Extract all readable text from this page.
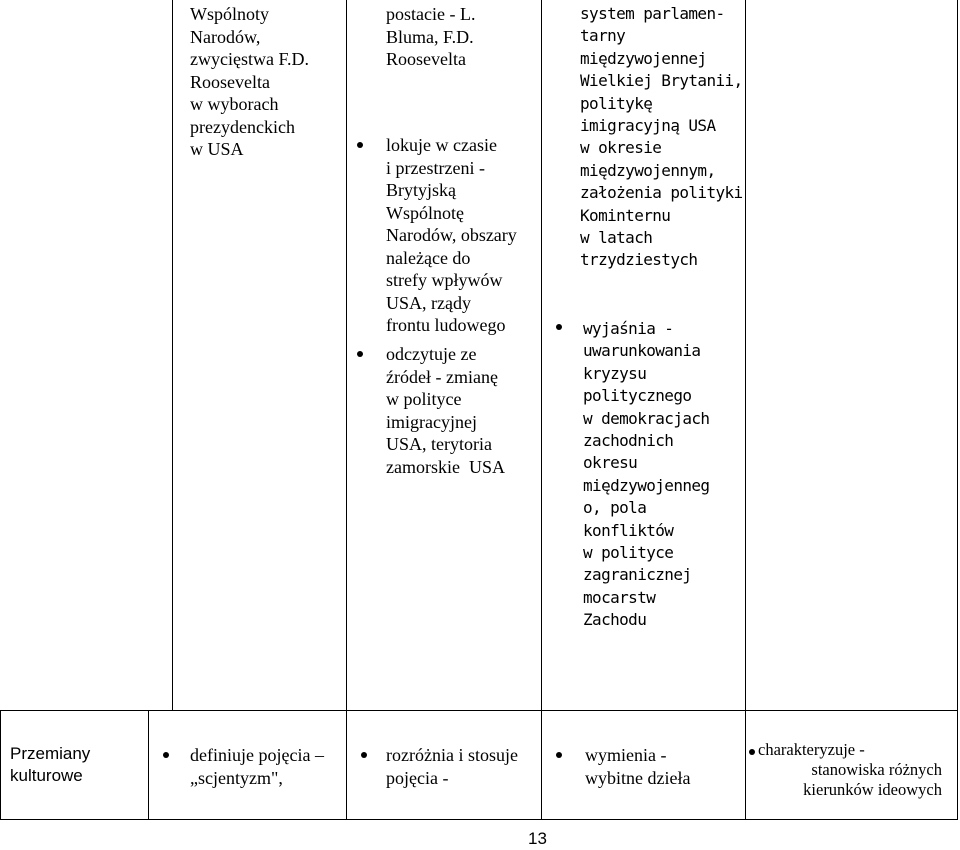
Wspólnoty
Narodów,
zwycięstwa F.D.
Roosevelta
w wyborach
prezydenckich
w USA
postacie - L.
Bluma, F.D.
Roosevelta
lokuje w czasie
i przestrzeni -
Brytyjską
Wspólnotę
Narodów, obszary
należące do
strefy wpływów
USA, rządy
frontu ludowego
odczytuje ze
źródeł - zmianę
w polityce
imigracyjnej
USA, terytoria
zamorskie  USA
system parlamen-
tarny
międzywojennej
Wielkiej Brytanii,
politykę
imigracyjną USA
w okresie
międzywojennym,
założenia polityki
Kominternu
w latach
trzydziestych
wyjaśnia -
uwarunkowania
kryzysu
politycznego
w demokracjach
zachodnich
okresu
międzywojenneg
o, pola
konfliktów
w polityce
zagranicznej
mocarstw
Zachodu
Przemiany
kulturowe
definiuje pojęcia –
„scjentyzm",
rozróżnia i stosuje
pojęcia -
wymienia -
wybitne dzieła
charakteryzuje -
stanowiska różnych
kierunków ideowych
13
